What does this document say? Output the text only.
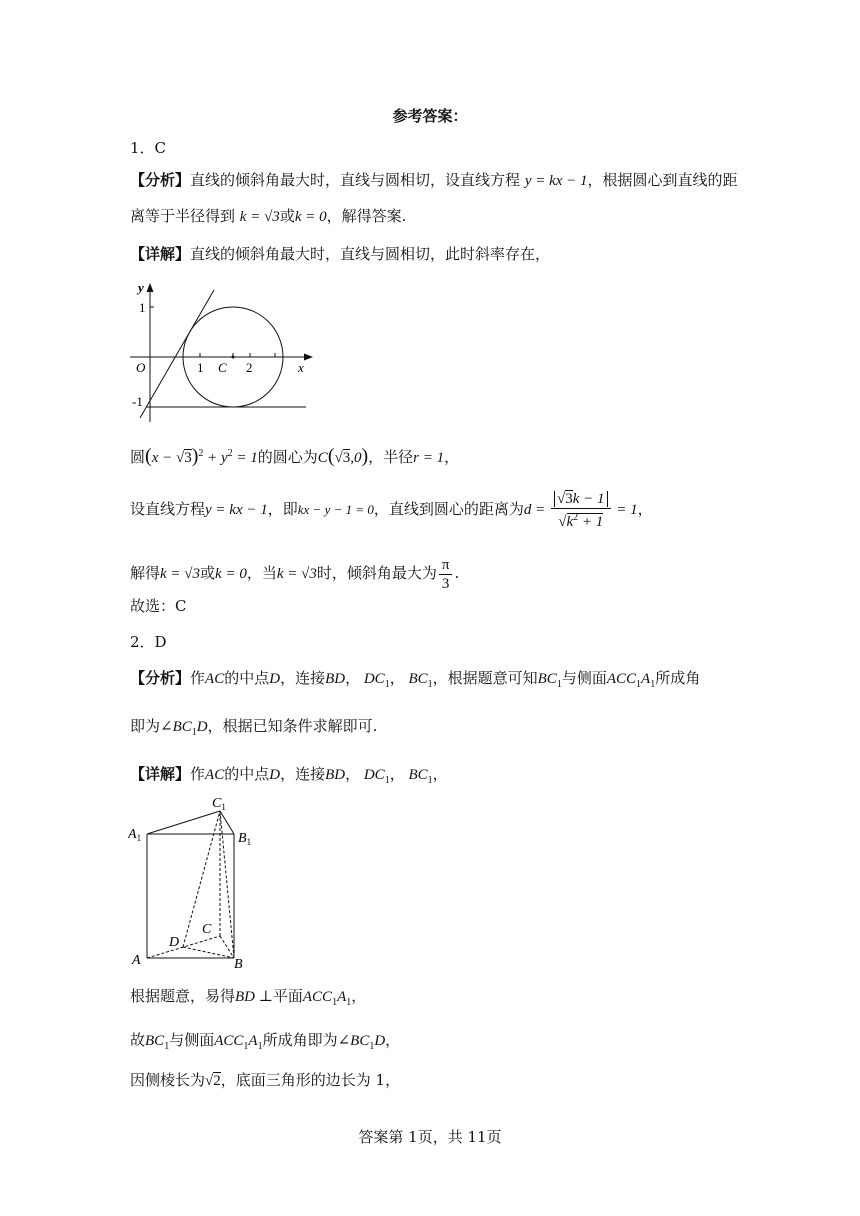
参考答案：
1．C
【分析】直线的倾斜角最大时，直线与圆相切，设直线方程 y = kx − 1，根据圆心到直线的距
离等于半径得到 k = √3或k = 0，解得答案.
【详解】直线的倾斜角最大时，直线与圆相切，此时斜率存在，
y
x
O
1
-1
1 C 2
圆$(x - √3)^2 + y^2 = 1$的圆心为C(√3,0)，半径r = 1，
设直线方程y = kx − 1，即kx − y − 1 = 0，直线到圆心的距离为$d = \frac{√3k - 1}{√k^2 + 1} = 1$，
解得k = √3或k = 0，当k = √3时，倾斜角最大为 $\frac{\pi}{3}$ .
故选：C
2．D
【分析】作AC的中点D，连接BD， $DC_1$， $BC_1$，根据题意可知$BC_1$与侧面$ACC_1A_1$所成角
即为$\angle BC_1D$，根据已知条件求解即可.
【详解】作AC的中点D，连接BD， $DC_1$， $BC_1$，
$C_1$
$A_1$	$B_1$
C
D
A	B
根据题意，易得BD ⊥平面$ACC_1A_1$，
故$BC_1$与侧面$ACC_1A_1$所成角即为$\angle BC_1D$，
因侧棱长为√2，底面三角形的边长为 1，
答案第 1页，共 11页
